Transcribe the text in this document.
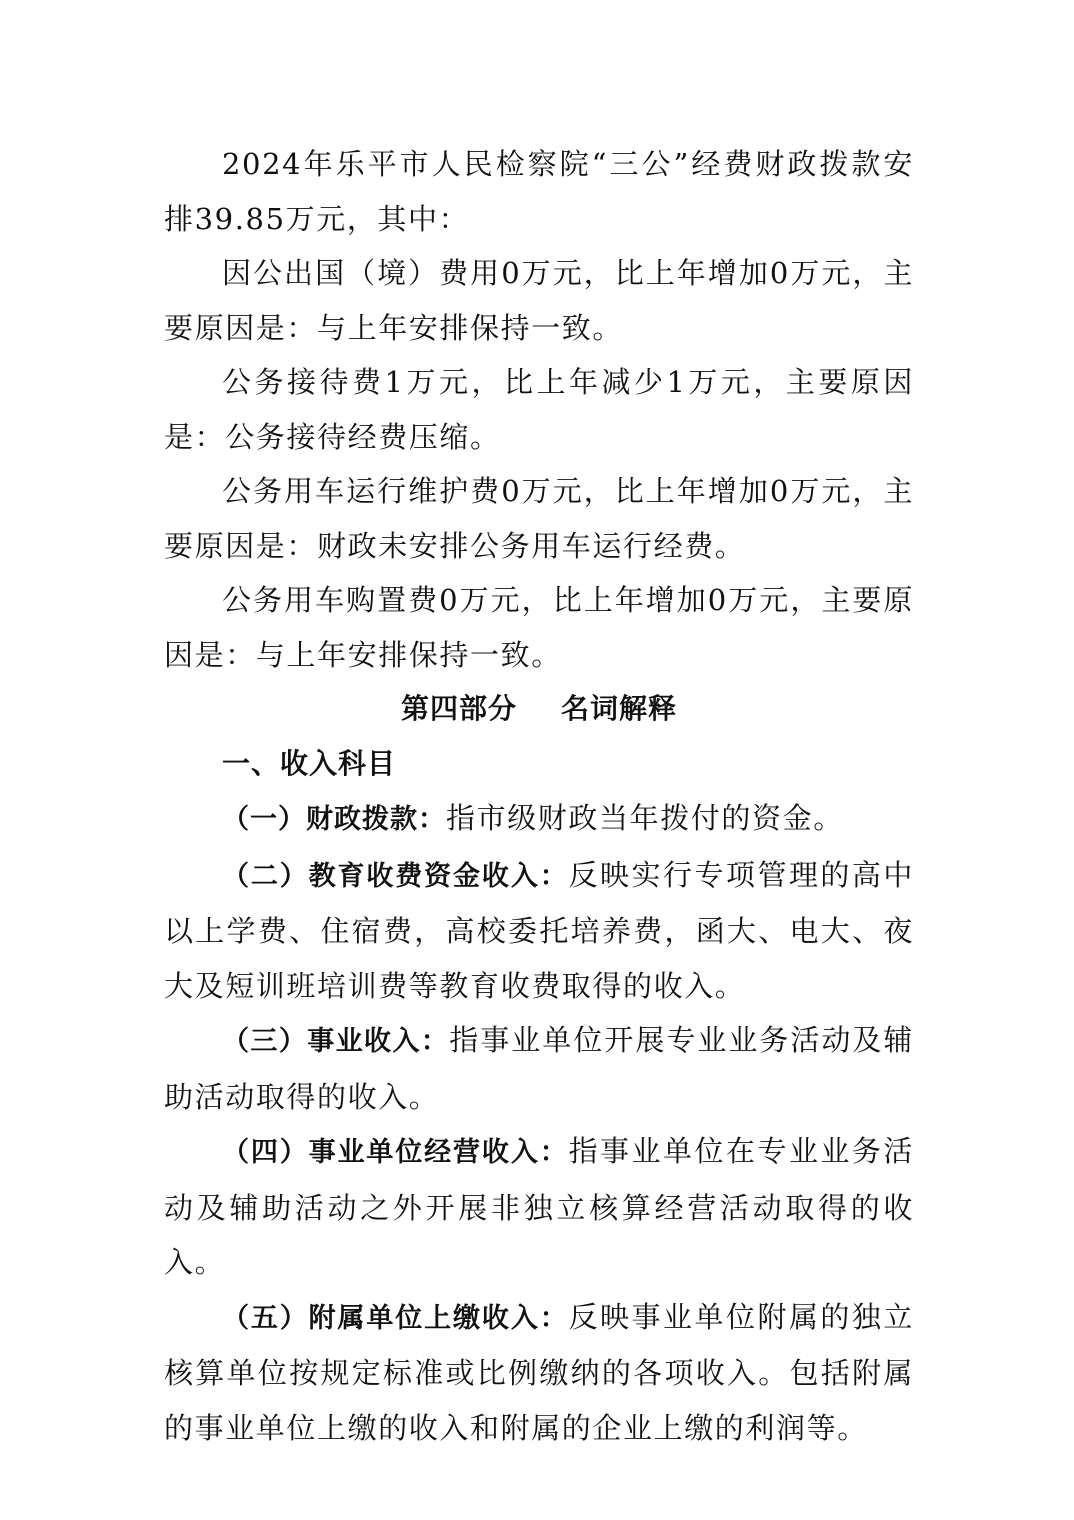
2024年乐平市人民检察院“三公”经费财政拨款安排39.85万元，其中：

因公出国（境）费用0万元，比上年增加0万元，主要原因是：与上年安排保持一致。

公务接待费1万元，比上年减少1万元，主要原因是：公务接待经费压缩。

公务用车运行维护费0万元，比上年增加0万元，主要原因是：财政未安排公务用车运行经费。

公务用车购置费0万元，比上年增加0万元，主要原因是：与上年安排保持一致。

第四部分 名词解释

一、收入科目

（一）财政拨款：指市级财政当年拨付的资金。

（二）教育收费资金收入：反映实行专项管理的高中以上学费、住宿费，高校委托培养费，函大、电大、夜大及短训班培训费等教育收费取得的收入。

（三）事业收入：指事业单位开展专业业务活动及辅助活动取得的收入。

（四）事业单位经营收入：指事业单位在专业业务活动及辅助活动之外开展非独立核算经营活动取得的收入。

（五）附属单位上缴收入：反映事业单位附属的独立核算单位按规定标准或比例缴纳的各项收入。包括附属的事业单位上缴的收入和附属的企业上缴的利润等。
